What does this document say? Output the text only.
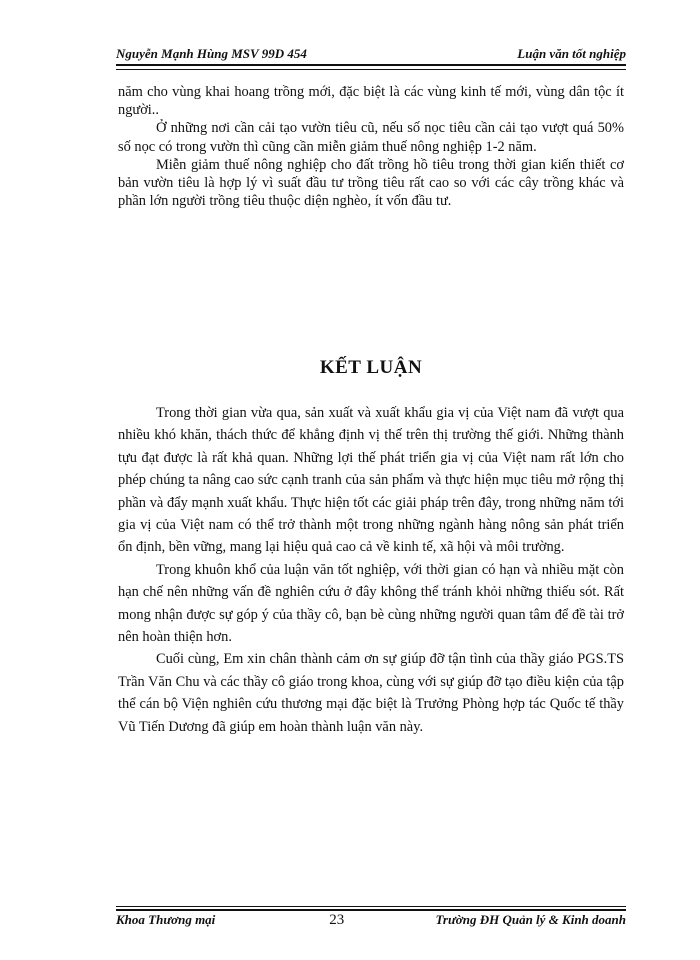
Nguyễn Mạnh Hùng MSV 99D 454	Luận văn tốt nghiệp

năm cho vùng khai hoang trồng mới, đặc biệt là các vùng kinh tế mới, vùng dân tộc ít người..

Ở những nơi cần cải tạo vườn tiêu cũ, nếu số nọc tiêu cần cải tạo vượt quá 50% số nọc có trong vườn thì cũng cần miễn giảm thuế nông nghiệp 1-2 năm.

Miễn giảm thuế nông nghiệp cho đất trồng hồ tiêu trong thời gian kiến thiết cơ bản vườn tiêu là hợp lý vì suất đầu tư trồng tiêu rất cao so với các cây trồng khác và phần lớn người trồng tiêu thuộc diện nghèo, ít vốn đầu tư.

KẾT LUẬN

Trong thời gian vừa qua, sản xuất và xuất khẩu gia vị của Việt nam đã vượt qua nhiều khó khăn, thách thức để khẳng định vị thế trên thị trường thế giới. Những thành tựu đạt được là rất khả quan. Những lợi thế phát triển gia vị của Việt nam rất lớn cho phép chúng ta nâng cao sức cạnh tranh của sản phẩm và thực hiện mục tiêu mở rộng thị phần và đẩy mạnh xuất khẩu. Thực hiện tốt các giải pháp trên đây, trong những năm tới gia vị của Việt nam có thể trở thành một trong những ngành hàng nông sản phát triển ổn định, bền vững, mang lại hiệu quả cao cả về kinh tế, xã hội và môi trường.

Trong khuôn khổ của luận văn tốt nghiệp, với thời gian có hạn và nhiều mặt còn hạn chế nên những vấn đề nghiên cứu ở đây không thể tránh khỏi những thiếu sót. Rất mong nhận được sự góp ý của thầy cô, bạn bè cùng những người quan tâm để đề tài trở nên hoàn thiện hơn.

Cuối cùng, Em xin chân thành cảm ơn sự giúp đỡ tận tình của thầy giáo PGS.TS Trần Văn Chu và các thầy cô giáo trong khoa, cùng với sự giúp đỡ tạo điều kiện của tập thể cán bộ Viện nghiên cứu thương mại đặc biệt là Trưởng Phòng hợp tác Quốc tế thầy Vũ Tiến Dương đã giúp em hoàn thành luận văn này.

Khoa Thương mại	23	Trường ĐH Quản lý & Kinh doanh
